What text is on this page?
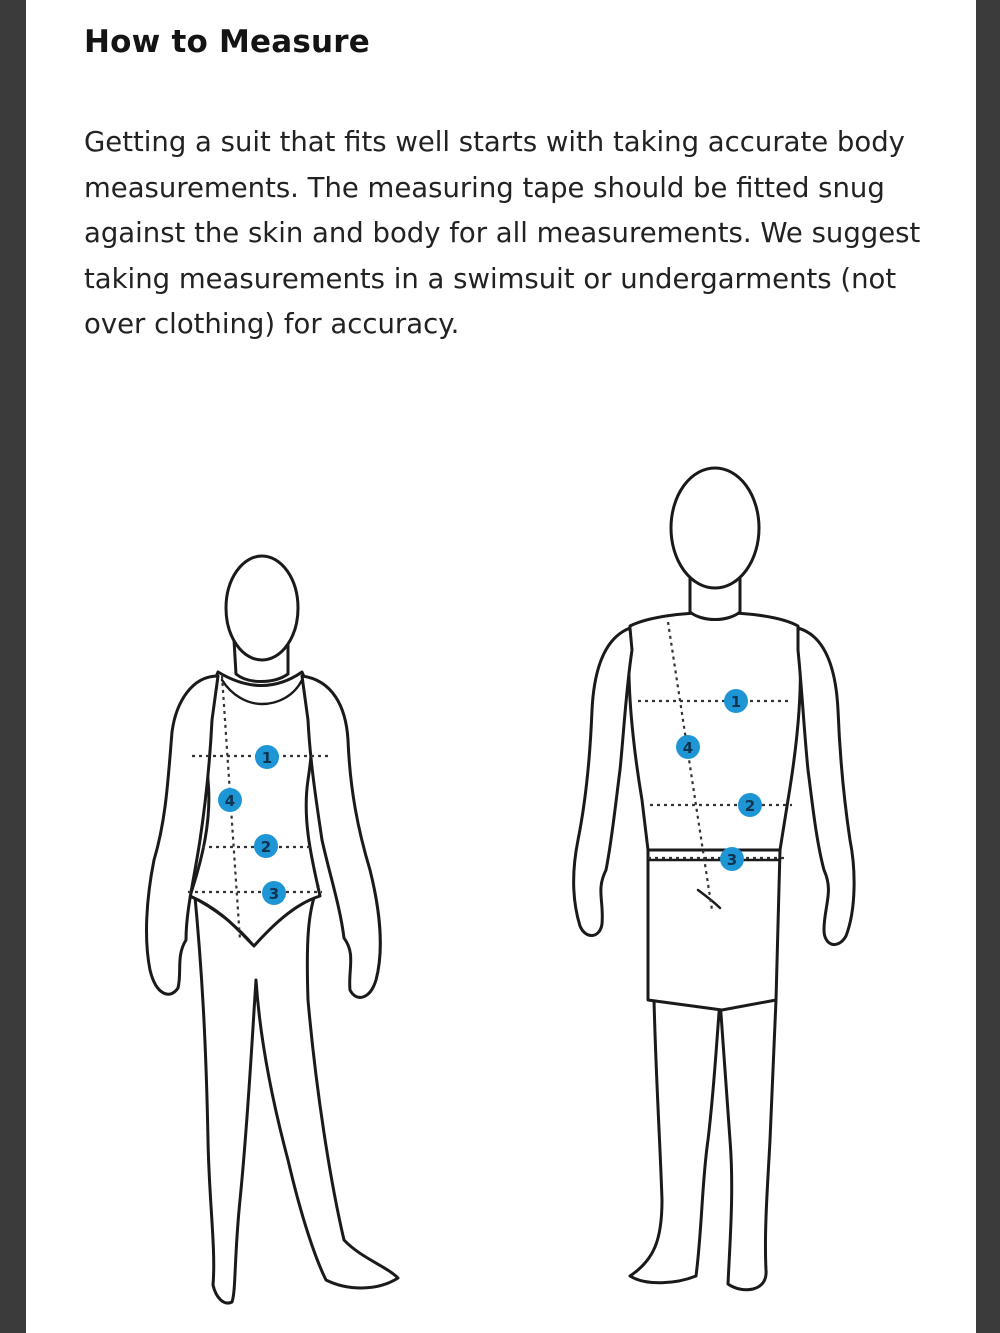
How to Measure

Getting a suit that fits well starts with taking accurate body measurements. The measuring tape should be fitted snug against the skin and body for all measurements. We suggest taking measurements in a swimsuit or undergarments (not over clothing) for accuracy.

1
2
3
4
1
2
3
4
